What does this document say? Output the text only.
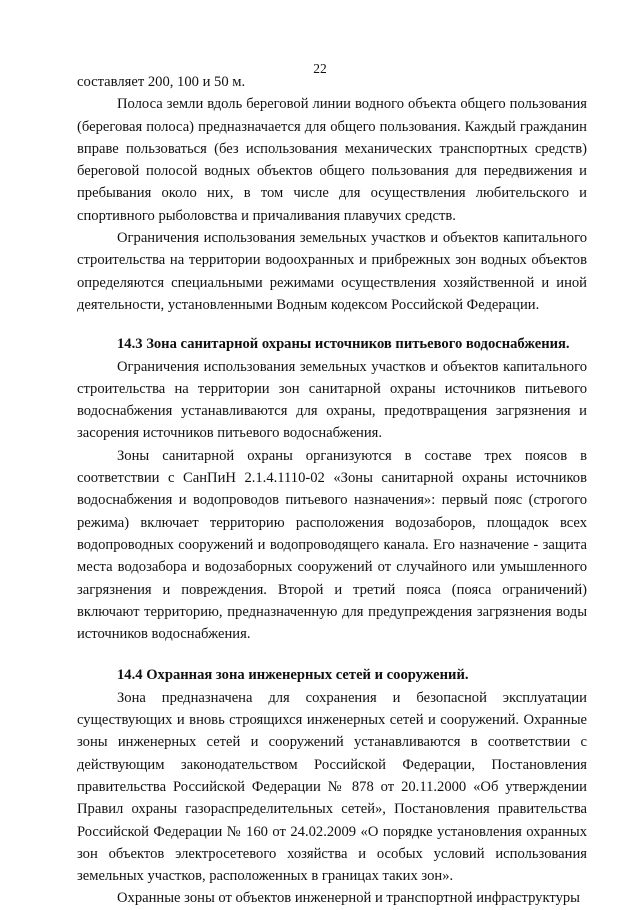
22

составляет 200, 100 и 50 м.

Полоса земли вдоль береговой линии водного объекта общего пользования (береговая полоса) предназначается для общего пользования. Каждый гражданин вправе пользоваться (без использования механических транспортных средств) береговой полосой водных объектов общего пользования для передвижения и пребывания около них, в том числе для осуществления любительского и спортивного рыболовства и причаливания плавучих средств.

Ограничения использования земельных участков и объектов капитального строительства на территории водоохранных и прибрежных зон водных объектов определяются специальными режимами осуществления хозяйственной и иной деятельности, установленными Водным кодексом Российской Федерации.

14.3 Зона санитарной охраны источников питьевого водоснабжения.

Ограничения использования земельных участков и объектов капитального строительства на территории зон санитарной охраны источников питьевого водоснабжения устанавливаются для охраны, предотвращения загрязнения и засорения источников питьевого водоснабжения.

Зоны санитарной охраны организуются в составе трех поясов в соответствии с СанПиН 2.1.4.1110-02 «Зоны санитарной охраны источников водоснабжения и водопроводов питьевого назначения»: первый пояс (строгого режима) включает территорию расположения водозаборов, площадок всех водопроводных сооружений и водопроводящего канала. Его назначение - защита места водозабора и водозаборных сооружений от случайного или умышленного загрязнения и повреждения. Второй и третий пояса (пояса ограничений) включают территорию, предназначенную для предупреждения загрязнения воды источников водоснабжения.

14.4 Охранная зона инженерных сетей и сооружений.

Зона предназначена для сохранения и безопасной эксплуатации существующих и вновь строящихся инженерных сетей и сооружений. Охранные зоны инженерных сетей и сооружений устанавливаются в соответствии с действующим законодательством Российской Федерации, Постановления правительства Российской Федерации № 878 от 20.11.2000 «Об утверждении Правил охраны газораспределительных сетей», Постановления правительства Российской Федерации № 160 от 24.02.2009 «О порядке установления охранных зон объектов электросетевого хозяйства и особых условий использования земельных участков, расположенных в границах таких зон».

Охранные зоны от объектов инженерной и транспортной инфраструктуры
